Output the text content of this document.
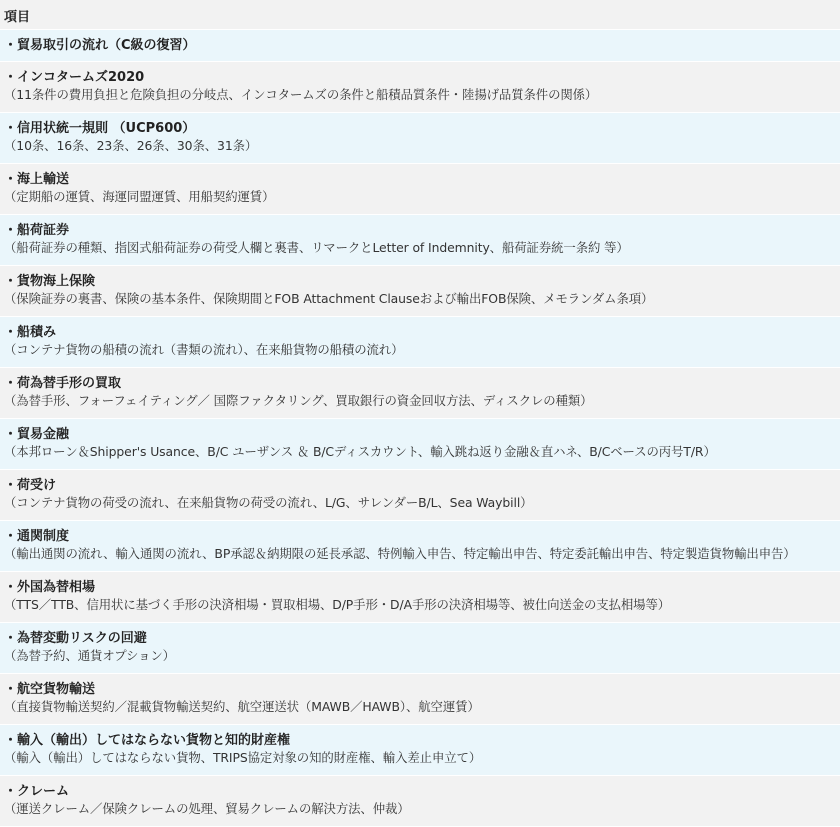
項目
・貿易取引の流れ（C級の復習）
・インコタームズ2020
（11条件の費用負担と危険負担の分岐点、インコタームズの条件と船積品質条件・陸揚げ品質条件の関係）
・信用状統一規則 （UCP600）
（10条、16条、23条、26条、30条、31条）
・海上輸送
（定期船の運賃、海運同盟運賃、用船契約運賃）
・船荷証券
（船荷証券の種類、指図式船荷証券の荷受人欄と裏書、リマークとLetter of Indemnity、船荷証券統一条約 等）
・貨物海上保険
（保険証券の裏書、保険の基本条件、保険期間とFOB Attachment Clauseおよび輸出FOB保険、メモランダム条項）
・船積み
（コンテナ貨物の船積の流れ（書類の流れ）、在来船貨物の船積の流れ）
・荷為替手形の買取
（為替手形、フォーフェイティング／ 国際ファクタリング、買取銀行の資金回収方法、ディスクレの種類）
・貿易金融
（本邦ローン＆Shipper's Usance、B/C ユーザンス ＆ B/Cディスカウント、輸入跳ね返り金融＆直ハネ、B/Cベースの丙号T/R）
・荷受け
（コンテナ貨物の荷受の流れ、在来船貨物の荷受の流れ、L/G、サレンダーB/L、Sea Waybill）
・通関制度
（輸出通関の流れ、輸入通関の流れ、BP承認＆納期限の延長承認、特例輸入申告、特定輸出申告、特定委託輸出申告、特定製造貨物輸出申告）
・外国為替相場
（TTS／TTB、信用状に基づく手形の決済相場・買取相場、D/P手形・D/A手形の決済相場等、被仕向送金の支払相場等）
・為替変動リスクの回避
（為替予約、通貨オプション）
・航空貨物輸送
（直接貨物輸送契約／混載貨物輸送契約、航空運送状（MAWB／HAWB）、航空運賃）
・輸入（輸出）してはならない貨物と知的財産権
（輸入（輸出）してはならない貨物、TRIPS協定対象の知的財産権、輸入差止申立て）
・クレーム
（運送クレーム／保険クレームの処理、貿易クレームの解決方法、仲裁）
